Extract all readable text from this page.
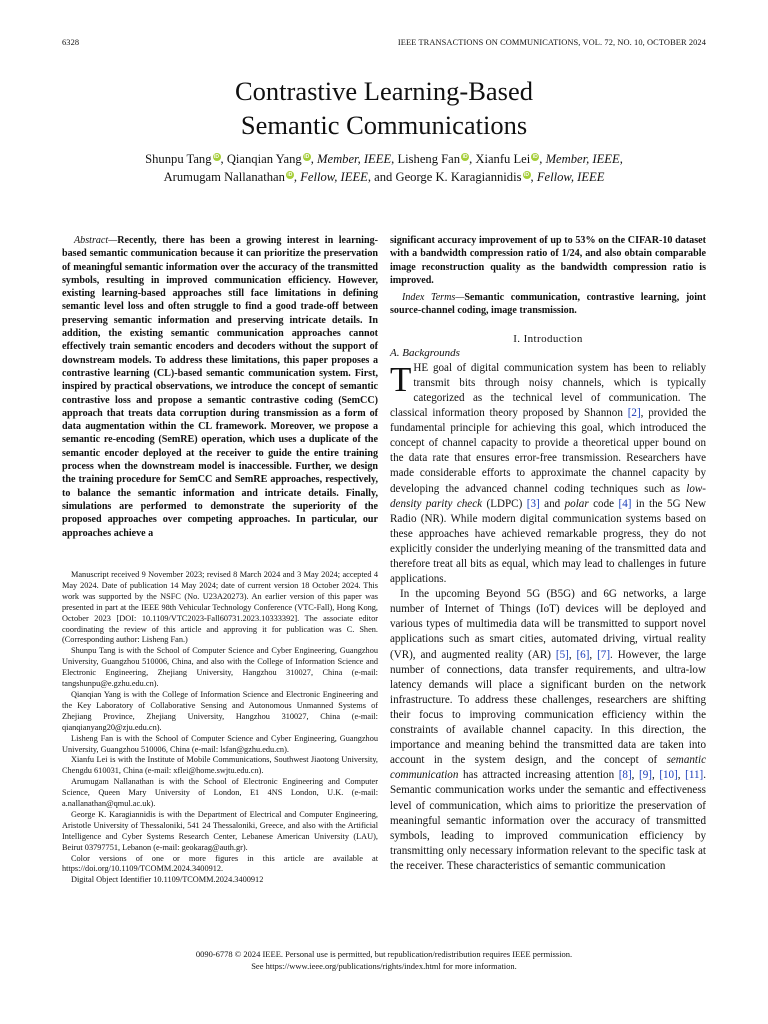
6328	IEEE TRANSACTIONS ON COMMUNICATIONS, VOL. 72, NO. 10, OCTOBER 2024
Contrastive Learning-Based
Semantic Communications
Shunpu Tang iD , Qianqian Yang iD , Member, IEEE, Lisheng Fan iD , Xianfu Lei iD , Member, IEEE,
Arumugam Nallanathan iD , Fellow, IEEE, and George K. Karagiannidis iD , Fellow, IEEE
Abstract—Recently, there has been a growing interest in learning-based semantic communication because it can prioritize the preservation of meaningful semantic information over the accuracy of the transmitted symbols, resulting in improved communication efficiency. However, existing learning-based approaches still face limitations in defining semantic level loss and often struggle to find a good trade-off between preserving semantic information and preserving intricate details. In addition, the existing semantic communication approaches cannot effectively train semantic encoders and decoders without the support of downstream models. To address these limitations, this paper proposes a contrastive learning (CL)-based semantic communication system. First, inspired by practical observations, we introduce the concept of semantic contrastive loss and propose a semantic contrastive coding (SemCC) approach that treats data corruption during transmission as a form of data augmentation within the CL framework. Moreover, we propose a semantic re-encoding (SemRE) operation, which uses a duplicate of the semantic encoder deployed at the receiver to guide the entire training process when the downstream model is inaccessible. Further, we design the training procedure for SemCC and SemRE approaches, respectively, to balance the semantic information and intricate details. Finally, simulations are performed to demonstrate the superiority of the proposed approaches over competing approaches. In particular, our approaches achieve a

Manuscript received 9 November 2023; revised 8 March 2024 and 3 May 2024; accepted 4 May 2024. Date of publication 14 May 2024; date of current version 18 October 2024. This work was supported by the NSFC (No. U23A20273). An earlier version of this paper was presented in part at the IEEE 98th Vehicular Technology Conference (VTC-Fall), Hong Kong, October 2023 [DOI: 10.1109/VTC2023-Fall60731.2023.10333392]. The associate editor coordinating the review of this article and approving it for publication was C. Shen. (Corresponding author: Lisheng Fan.)

Shunpu Tang is with the School of Computer Science and Cyber Engineering, Guangzhou University, Guangzhou 510006, China, and also with the College of Information Science and Electronic Engineering, Zhejiang University, Hangzhou 310027, China (e-mail: tangshunpu@e.gzhu.edu.cn).

Qianqian Yang is with the College of Information Science and Electronic Engineering and the Key Laboratory of Collaborative Sensing and Autonomous Unmanned Systems of Zhejiang Province, Zhejiang University, Hangzhou 310027, China (e-mail: qianqianyang20@zju.edu.cn).

Lisheng Fan is with the School of Computer Science and Cyber Engineering, Guangzhou University, Guangzhou 510006, China (e-mail: lsfan@gzhu.edu.cn).

Xianfu Lei is with the Institute of Mobile Communications, Southwest Jiaotong University, Chengdu 610031, China (e-mail: xflei@home.swjtu.edu.cn).

Arumugam Nallanathan is with the School of Electronic Engineering and Computer Science, Queen Mary University of London, E1 4NS London, U.K. (e-mail: a.nallanathan@qmul.ac.uk).

George K. Karagiannidis is with the Department of Electrical and Computer Engineering, Aristotle University of Thessaloniki, 541 24 Thessaloniki, Greece, and also with the Artificial Intelligence and Cyber Systems Research Center, Lebanese American University (LAU), Beirut 03797751, Lebanon (e-mail: geokarag@auth.gr).

Color versions of one or more figures in this article are available at https://doi.org/10.1109/TCOMM.2024.3400912.

Digital Object Identifier 10.1109/TCOMM.2024.3400912

significant accuracy improvement of up to 53% on the CIFAR-10 dataset with a bandwidth compression ratio of 1/24, and also obtain comparable image reconstruction quality as the bandwidth compression ratio is improved.
Index Terms—Semantic communication, contrastive learning, joint source-channel coding, image transmission.
I. Introduction
A. Backgrounds

THE goal of digital communication system has been to reliably transmit bits through noisy channels, which is typically categorized as the technical level of communication. The classical information theory proposed by Shannon [2], provided the fundamental principle for achieving this goal, which introduced the concept of channel capacity to provide a theoretical upper bound on the data rate that ensures error-free transmission. Researchers have made considerable efforts to approximate the channel capacity by developing the advanced channel coding techniques such as low-density parity check (LDPC) [3] and polar code [4] in the 5G New Radio (NR). While modern digital communication systems based on these approaches have achieved remarkable progress, they do not explicitly consider the underlying meaning of the transmitted data and therefore treat all bits as equal, which may lead to challenges in future applications.

In the upcoming Beyond 5G (B5G) and 6G networks, a large number of Internet of Things (IoT) devices will be deployed and various types of multimedia data will be transmitted to support novel applications such as smart cities, automated driving, virtual reality (VR), and augmented reality (AR) [5], [6], [7]. However, the large number of connections, data transfer requirements, and ultra-low latency demands will place a significant burden on the network infrastructure. To address these challenges, researchers are shifting their focus to improving communication efficiency within the constraints of available channel capacity. In this direction, the importance and meaning behind the transmitted data are taken into account in the system design, and the concept of semantic communication has attracted increasing attention [8], [9], [10], [11]. Semantic communication works under the semantic and effectiveness level of communication, which aims to prioritize the preservation of meaningful semantic information over the accuracy of transmitted symbols, leading to improved communication efficiency by transmitting only necessary information relevant to the specific task at the receiver. These characteristics of semantic communication

0090-6778 © 2024 IEEE. Personal use is permitted, but republication/redistribution requires IEEE permission.
See https://www.ieee.org/publications/rights/index.html for more information.
